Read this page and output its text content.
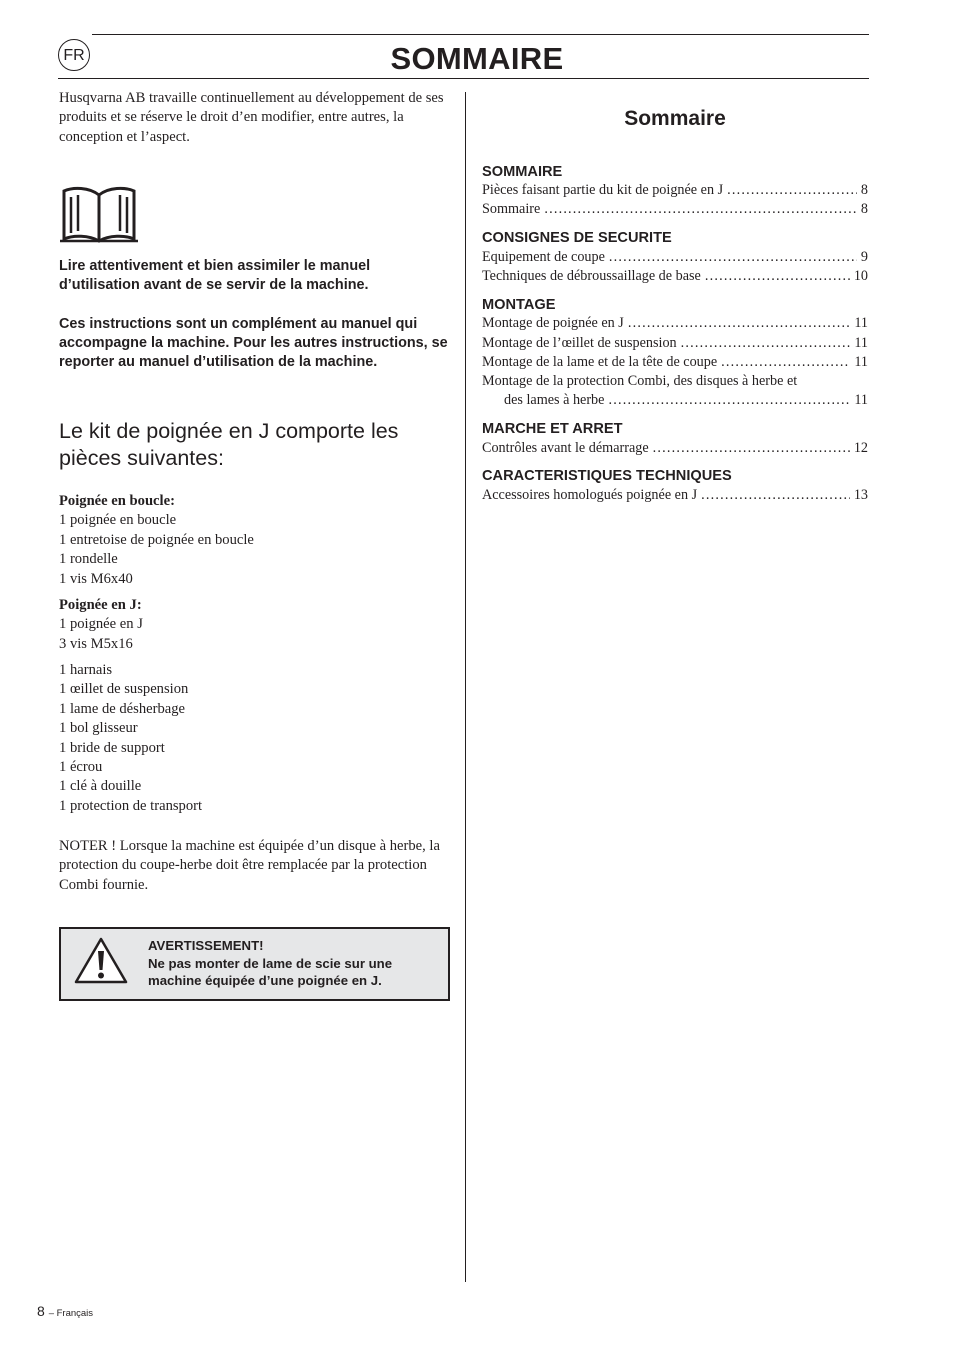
FR	SOMMAIRE

Husqvarna AB travaille continuellement au développement de ses produits et se réserve le droit d’en modifier, entre autres, la conception et l’aspect.

Lire attentivement et bien assimiler le manuel d’utilisation avant de se servir de la machine.

Ces instructions sont un complément au manuel qui accompagne la machine. Pour les autres instructions, se reporter au manuel d’utilisation de la machine.

Le kit de poignée en J comporte les pièces suivantes:
Poignée en boucle:
1 poignée en boucle
1 entretoise de poignée en boucle
1 rondelle
1 vis M6x40
Poignée en J:
1 poignée en J
3 vis M5x16
1 harnais
1 œillet de suspension
1 lame de désherbage
1 bol glisseur
1 bride de support
1 écrou
1 clé à douille
1 protection de transport

NOTER ! Lorsque la machine est équipée d’un disque à herbe, la protection du coupe-herbe doit être remplacée par la protection Combi fournie.

AVERTISSEMENT!
Ne pas monter de lame de scie sur une
machine équipée d’une poignée en J.
Sommaire
SOMMAIRE
Pièces faisant partie du kit de poignée en J .....	8
Sommaire .....	8
CONSIGNES DE SECURITE
Equipement de coupe .....	9
Techniques de débroussaillage de base .....	10
MONTAGE
Montage de poignée en J .....	11
Montage de l’œillet de suspension .....	11
Montage de la lame et de la tête de coupe .....	11
Montage de la protection Combi, des disques à herbe et
des lames à herbe .....	11
MARCHE ET ARRET
Contrôles avant le démarrage .....	12
CARACTERISTIQUES TECHNIQUES
Accessoires homologués poignée en J .....	13
8 – Français
